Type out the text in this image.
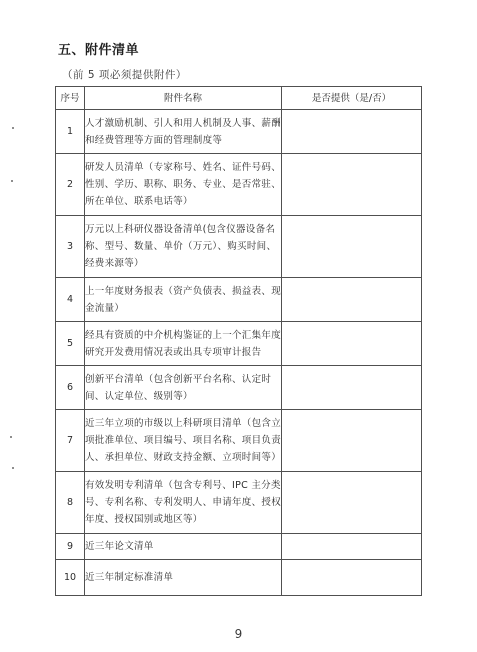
五、附件清单
（前 5 项必须提供附件）
序号	附件名称	是否提供（是/否）
1	人才激励机制、引人和用人机制及人事、薪酬和经费管理等方面的管理制度等	
2	研发人员清单（专家称号、姓名、证件号码、性别、学历、职称、职务、专业、是否常驻、所在单位、联系电话等）	
3	万元以上科研仪器设备清单(包含仪器设备名称、型号、数量、单价（万元）、购买时间、经费来源等）	
4	上一年度财务报表（资产负债表、损益表、现金流量）	
5	经具有资质的中介机构鉴证的上一个汇集年度研究开发费用情况表或出具专项审计报告	
6	创新平台清单（包含创新平台名称、认定时间、认定单位、级别等）	
7	近三年立项的市级以上科研项目清单（包含立项批准单位、项目编号、项目名称、项目负责人、承担单位、财政支持金额、立项时间等）	
8	有效发明专利清单（包含专利号、IPC 主分类号、专利名称、专利发明人、申请年度、授权年度、授权国别或地区等）	
9	近三年论文清单	
10	近三年制定标准清单	
9
